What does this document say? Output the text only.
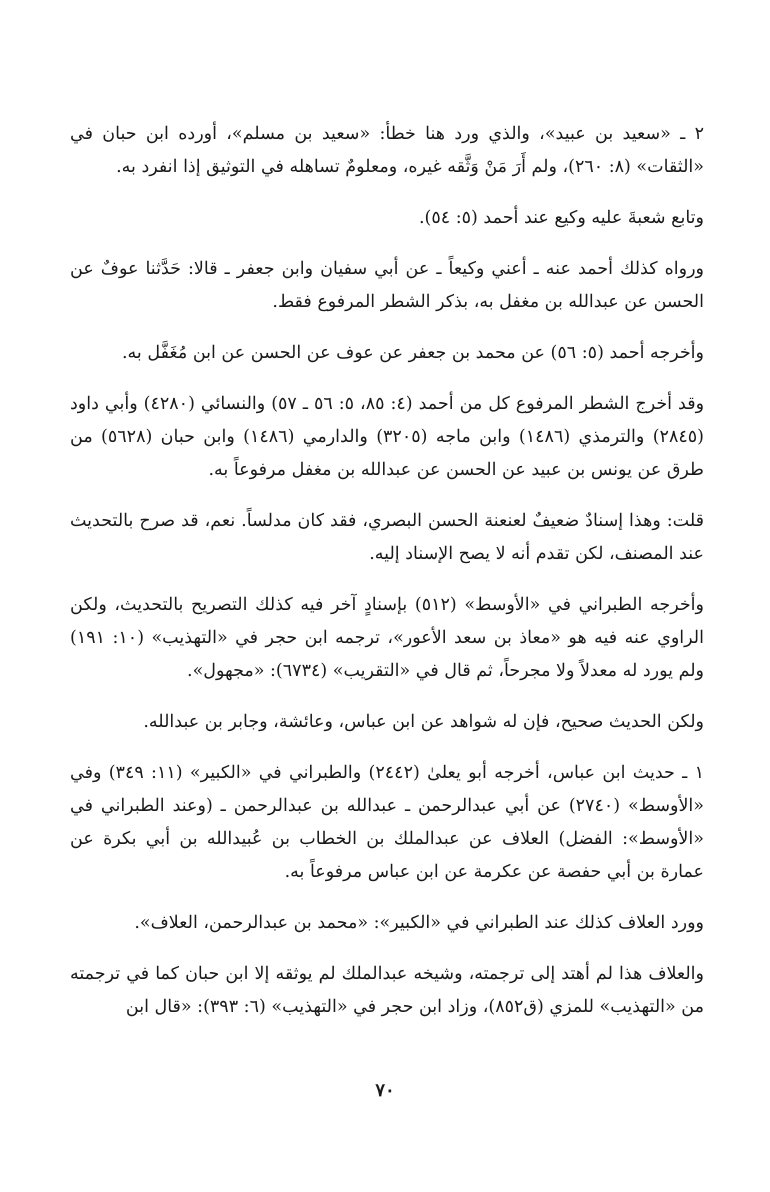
٢ ـ «سعيد بن عبيد»، والذي ورد هنا خطأ: «سعيد بن مسلم»، أورده ابن حبان في «الثقات» (٨: ٢٦٠)، ولم أَرَ مَنْ وَثَّقه غيره، ومعلومٌ تساهله في التوثيق إذا انفرد به.

وتابع شعبةَ عليه وكيع عند أحمد (٥: ٥٤).

ورواه كذلك أحمد عنه ـ أعني وكيعاً ـ عن أبي سفيان وابن جعفر ـ قالا: حَدَّثنا عوفٌ عن الحسن عن عبدالله بن مغفل به، بذكر الشطر المرفوع فقط.

وأخرجه أحمد (٥: ٥٦) عن محمد بن جعفر عن عوف عن الحسن عن ابن مُغَفَّل به.

وقد أخرج الشطر المرفوع كل من أحمد (٤: ٨٥، ٥: ٥٦ ـ ٥٧) والنسائي (٤٢٨٠) وأبي داود (٢٨٤٥) والترمذي (١٤٨٦) وابن ماجه (٣٢٠٥) والدارمي (١٤٨٦) وابن حبان (٥٦٢٨) من طرق عن يونس بن عبيد عن الحسن عن عبدالله بن مغفل مرفوعاً به.

قلت: وهذا إسنادٌ ضعيفٌ لعنعنة الحسن البصري، فقد كان مدلساً. نعم، قد صرح بالتحديث عند المصنف، لكن تقدم أنه لا يصح الإسناد إليه.

وأخرجه الطبراني في «الأوسط» (٥١٢) بإسنادٍ آخر فيه كذلك التصريح بالتحديث، ولكن الراوي عنه فيه هو «معاذ بن سعد الأعور»، ترجمه ابن حجر في «التهذيب» (١٠: ١٩١) ولم يورد له معدلاً ولا مجرحاً، ثم قال في «التقريب» (٦٧٣٤): «مجهول».

ولكن الحديث صحيح، فإن له شواهد عن ابن عباس، وعائشة، وجابر بن عبدالله.

١ ـ حديث ابن عباس، أخرجه أبو يعلىٰ (٢٤٤٢) والطبراني في «الكبير» (١١: ٣٤٩) وفي «الأوسط» (٢٧٤٠) عن أبي عبدالرحمن ـ عبدالله بن عبدالرحمن ـ (وعند الطبراني في «الأوسط»: الفضل) العلاف عن عبدالملك بن الخطاب بن عُبيدالله بن أبي بكرة عن عمارة بن أبي حفصة عن عكرمة عن ابن عباس مرفوعاً به.

وورد العلاف كذلك عند الطبراني في «الكبير»: «محمد بن عبدالرحمن، العلاف».

والعلاف هذا لم أهتد إلى ترجمته، وشيخه عبدالملك لم يوثقه إلا ابن حبان كما في ترجمته من «التهذيب» للمزي (ق٨٥٢)، وزاد ابن حجر في «التهذيب» (٦: ٣٩٣): «قال ابن

٧٠
